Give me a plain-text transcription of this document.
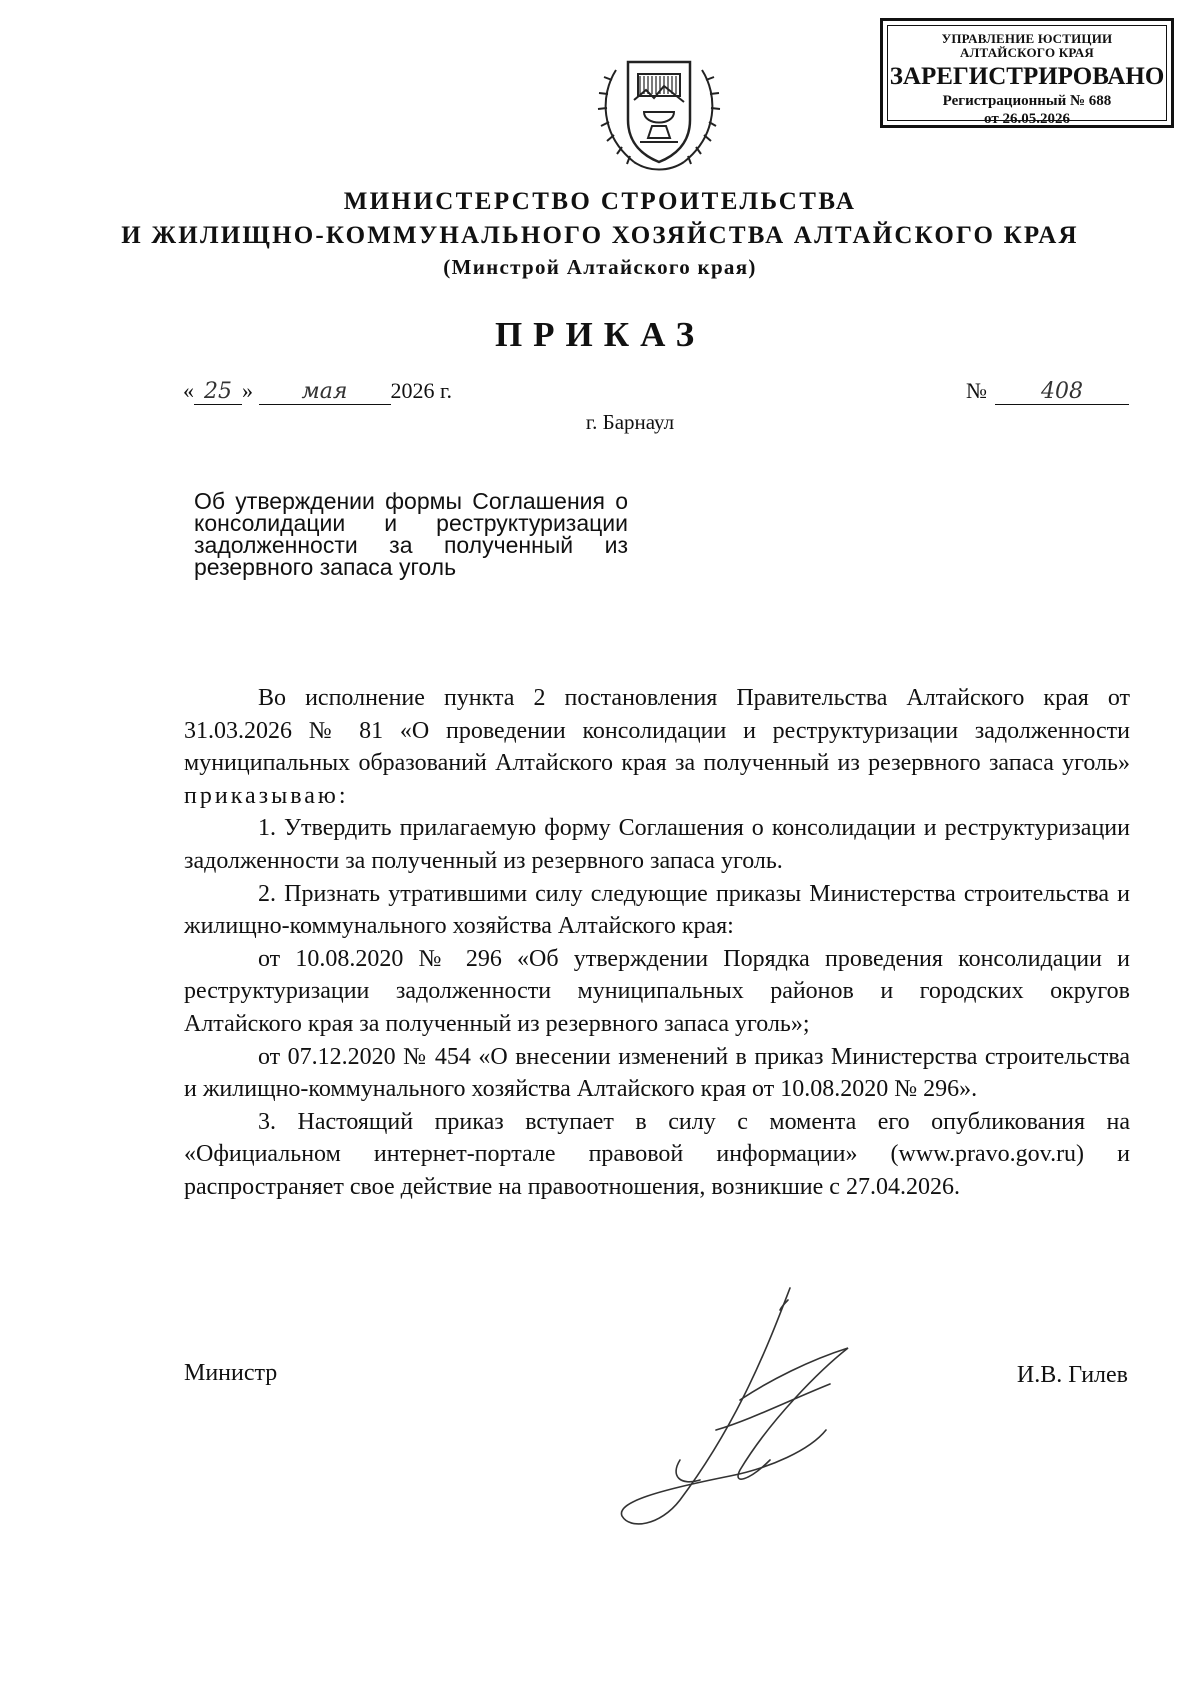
УПРАВЛЕНИЕ ЮСТИЦИИ
АЛТАЙСКОГО КРАЯ
ЗАРЕГИСТРИРОВАНО
Регистрационный № 688
от 26.05.2026
МИНИСТЕРСТВО СТРОИТЕЛЬСТВА
И ЖИЛИЩНО-КОММУНАЛЬНОГО ХОЗЯЙСТВА АЛТАЙСКОГО КРАЯ
(Минстрой Алтайского края)
ПРИКАЗ
« 25 » мая 2026 г.	№ 408
г. Барнаул
Об утверждении формы Соглашения о консолидации и реструктуризации задолженности за полученный из резервного запаса уголь

Во исполнение пункта 2 постановления Правительства Алтайского края от 31.03.2026 № 81 «О проведении консолидации и реструктуризации задолженности муниципальных образований Алтайского края за полученный из резервного запаса уголь» приказываю:

1. Утвердить прилагаемую форму Соглашения о консолидации и реструктуризации задолженности за полученный из резервного запаса уголь.

2. Признать утратившими силу следующие приказы Министерства строительства и жилищно-коммунального хозяйства Алтайского края:

от 10.08.2020 № 296 «Об утверждении Порядка проведения консолидации и реструктуризации задолженности муниципальных районов и городских округов Алтайского края за полученный из резервного запаса уголь»;

от 07.12.2020 № 454 «О внесении изменений в приказ Министерства строительства и жилищно-коммунального хозяйства Алтайского края от 10.08.2020 № 296».

3. Настоящий приказ вступает в силу с момента его опубликования на «Официальном интернет-портале правовой информации» (www.pravo.gov.ru) и распространяет свое действие на правоотношения, возникшие с 27.04.2026.

Министр	И.В. Гилев
